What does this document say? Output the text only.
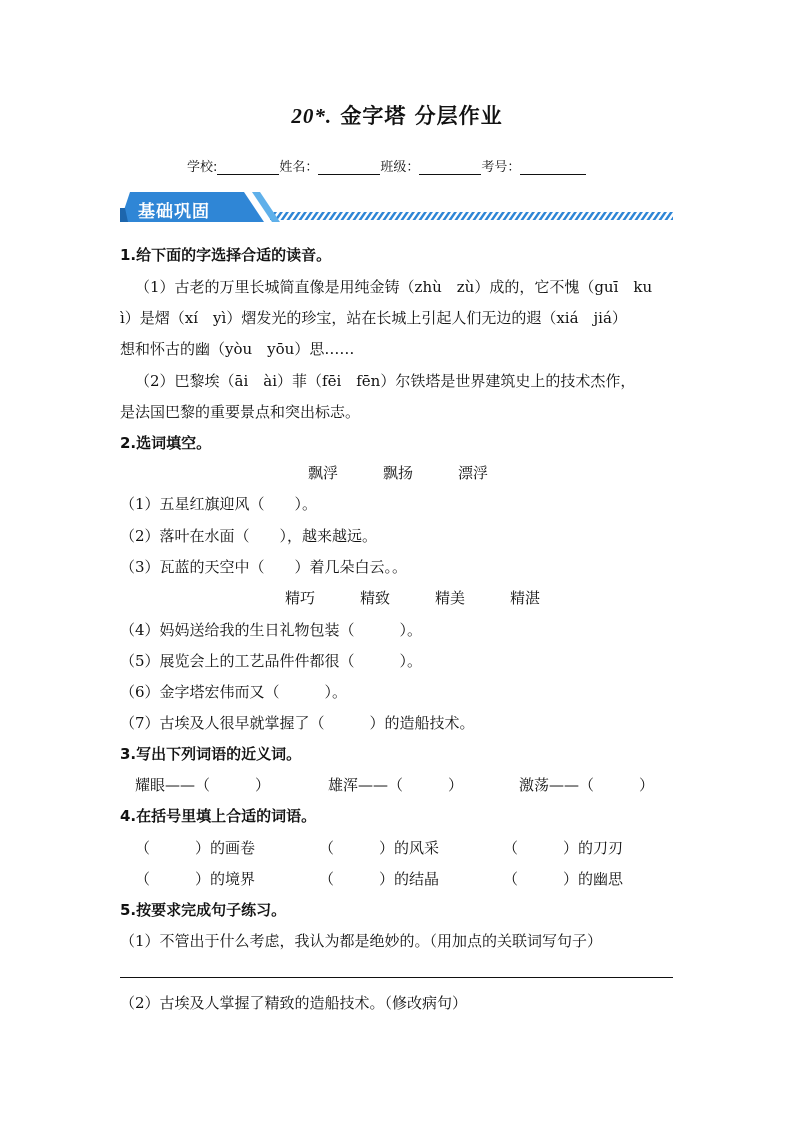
20*. 金字塔 分层作业
学校:	姓名：	班级：	考号：
基础巩固
1.给下面的字选择合适的读音。
（1）古老的万里长城简直像是用纯金铸（zhù　zù）成的，它不愧（guī　ku
ì）是熠（xí　yì）熠发光的珍宝，站在长城上引起人们无边的遐（xiá　jiá）
想和怀古的幽（yòu　yōu）思……
（2）巴黎埃（āi　ài）菲（fēi　fēn）尔铁塔是世界建筑史上的技术杰作，
是法国巴黎的重要景点和突出标志。
2.选词填空。
飘浮　　　飘扬　　　漂浮
（1）五星红旗迎风（　　）。
（2）落叶在水面（　　），越来越远。
（3）瓦蓝的天空中（　　）着几朵白云。。
精巧　　　精致　　　精美　　　精湛
（4）妈妈送给我的生日礼物包装（　　　）。
（5）展览会上的工艺品件件都很（　　　）。
（6）金字塔宏伟而又（　　　）。
（7）古埃及人很早就掌握了（　　　）的造船技术。
3.写出下列词语的近义词。
耀眼——（　　　）	雄浑——（　　　）	激荡——（　　　）
4.在括号里填上合适的词语。
（　　　）的画卷	（　　　）的风采	（　　　）的刀刃
（　　　）的境界	（　　　）的结晶	（　　　）的幽思
5.按要求完成句子练习。
（1）不管出于什么考虑，我认为都是绝妙的。（用加点的关联词写句子）
（2）古埃及人掌握了精致的造船技术。（修改病句）
